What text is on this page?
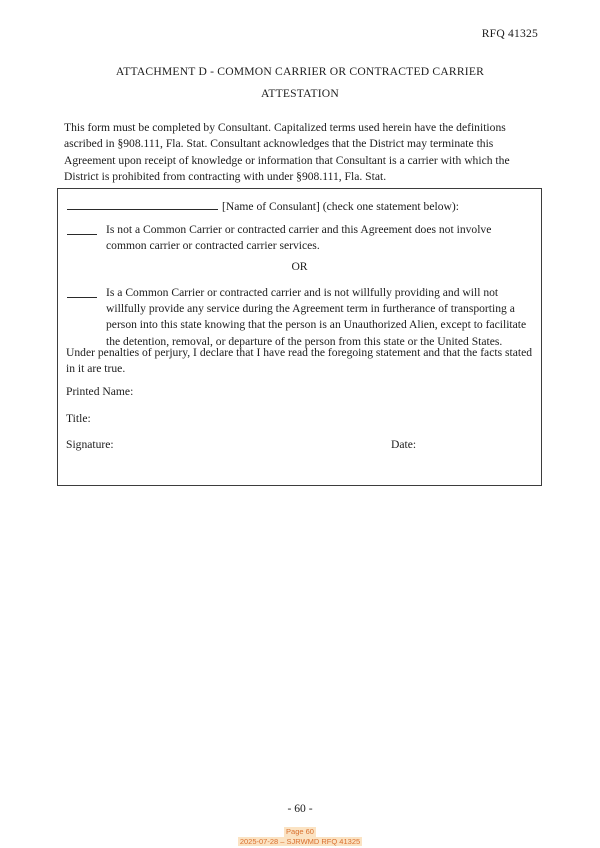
RFQ 41325
ATTACHMENT D - COMMON CARRIER OR CONTRACTED CARRIER
ATTESTATION
This form must be completed by Consultant. Capitalized terms used herein have the definitions ascribed in §908.111, Fla. Stat. Consultant acknowledges that the District may terminate this Agreement upon receipt of knowledge or information that Consultant is a carrier with which the District is prohibited from contracting with under §908.111, Fla. Stat.
[Name of Consulant] (check one statement below):
Is not a Common Carrier or contracted carrier and this Agreement does not involve common carrier or contracted carrier services.
OR
Is a Common Carrier or contracted carrier and is not willfully providing and will not willfully provide any service during the Agreement term in furtherance of transporting a person into this state knowing that the person is an Unauthorized Alien, except to facilitate the detention, removal, or departure of the person from this state or the United States.
Under penalties of perjury, I declare that I have read the foregoing statement and that the facts stated in it are true.
Printed Name:
Title:
Signature:	Date:
- 60 -
Page 60
2025-07-28 – SJRWMD RFQ 41325
